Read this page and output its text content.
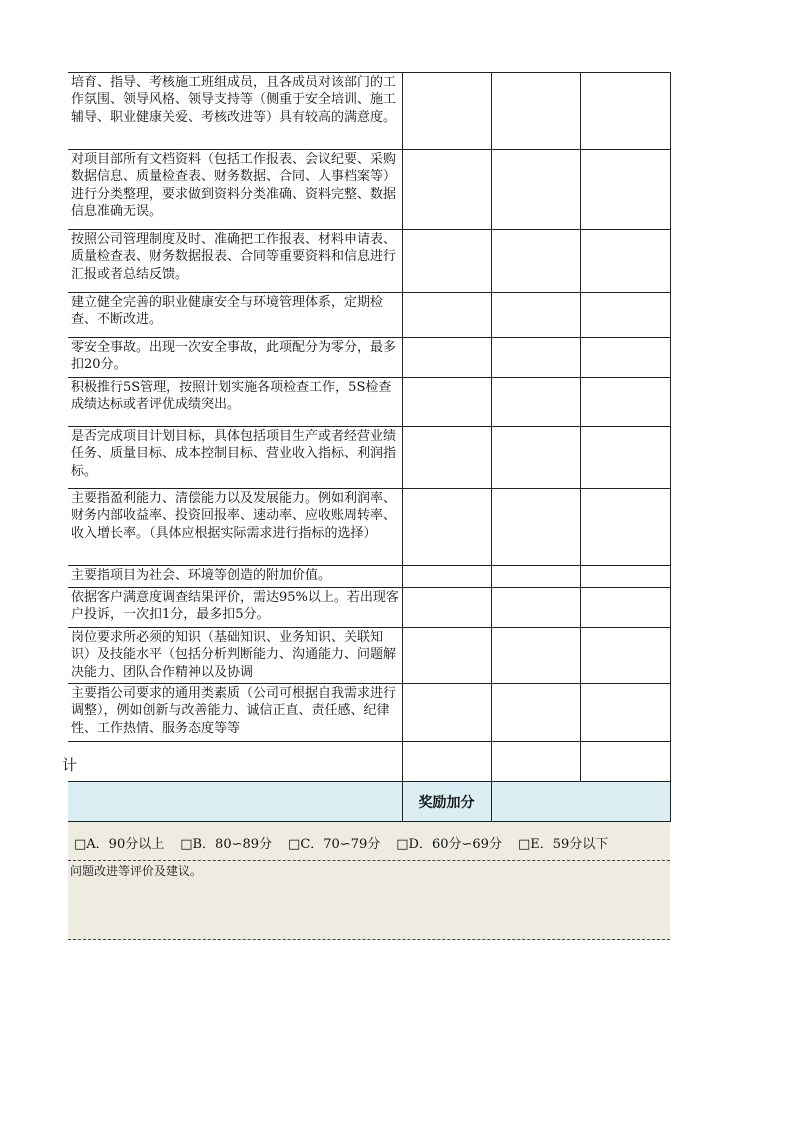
培育、指导、考核施工班组成员，且各成员对该部门的工作氛围、领导风格、领导支持等（侧重于安全培训、施工辅导、职业健康关爱、考核改进等）具有较高的满意度。			

对项目部所有文档资料（包括工作报表、会议纪要、采购数据信息、质量检查表、财务数据、合同、人事档案等）进行分类整理，要求做到资料分类准确、资料完整、数据信息准确无误。			

按照公司管理制度及时、准确把工作报表、材料申请表、质量检查表、财务数据报表、合同等重要资料和信息进行汇报或者总结反馈。			

建立健全完善的职业健康安全与环境管理体系，定期检查、不断改进。			

零安全事故。出现一次安全事故，此项配分为零分，最多扣20分。			

积极推行5S管理，按照计划实施各项检查工作，5S检查成绩达标或者评优成绩突出。			

是否完成项目计划目标，具体包括项目生产或者经营业绩任务、质量目标、成本控制目标、营业收入指标、利润指标。			

主要指盈利能力、清偿能力以及发展能力。例如利润率、财务内部收益率、投资回报率、速动率、应收账周转率、收入增长率。（具体应根据实际需求进行指标的选择）			

主要指项目为社会、环境等创造的附加价值。			

依据客户满意度调查结果评价，需达95%以上。若出现客户投诉，一次扣1分，最多扣5分。			

岗位要求所必须的知识（基础知识、业务知识、关联知识）及技能水平（包括分析判断能力、沟通能力、问题解决能力、团队合作精神以及协调			

主要指公司要求的通用类素质（公司可根据自我需求进行调整），例如创新与改善能力、诚信正直、责任感、纪律性、工作热情、服务态度等等			

计			

	奖励加分		
□A．90分以上 □B．80∽89分 □C．70∽79分 □D．60分∽69分 □E．59分以下
问题改进等评价及建议。
